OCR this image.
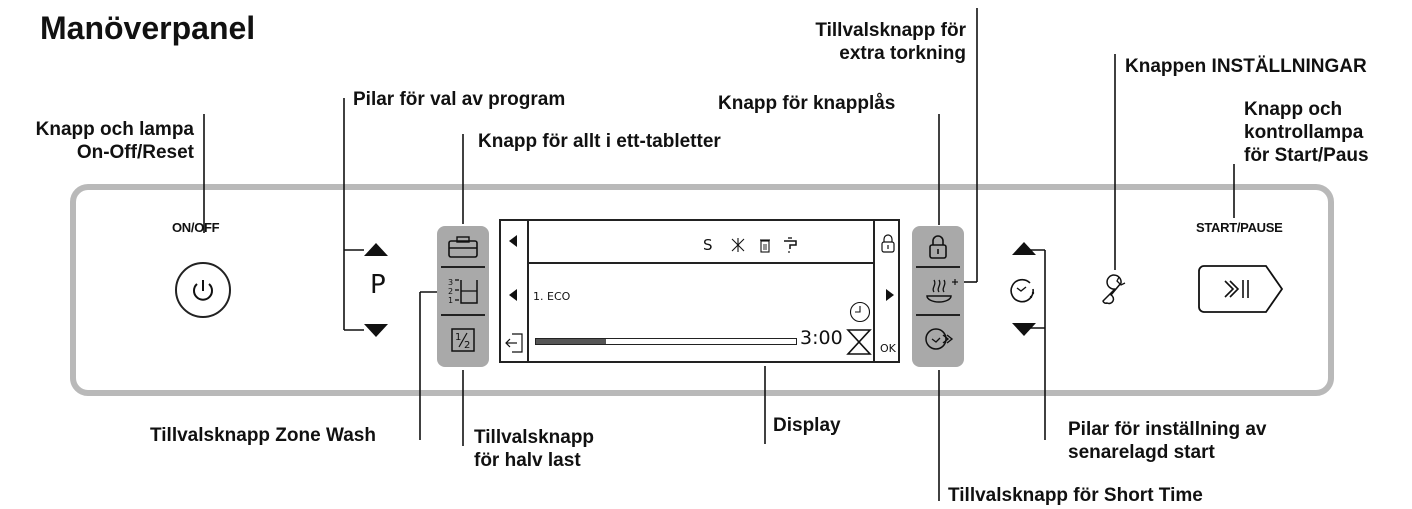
Manöverpanel
Knapp och lampa
On-Off/Reset
Pilar för val av program
Knapp för allt i ett-tabletter
Knapp för knapplås
Tillvalsknapp för
extra torkning
Knappen INSTÄLLNINGAR
Knapp och
kontrollampa
för Start/Paus
Tillvalsknapp Zone Wash	Tillvalsknapp
för halv last
Display	Pilar för inställning av
senarelagd start
Tillvalsknapp för Short Time
ON/OFF
P	3
2
1
1
2
S
1. ECO
3:00	OK
START/PAUSE
